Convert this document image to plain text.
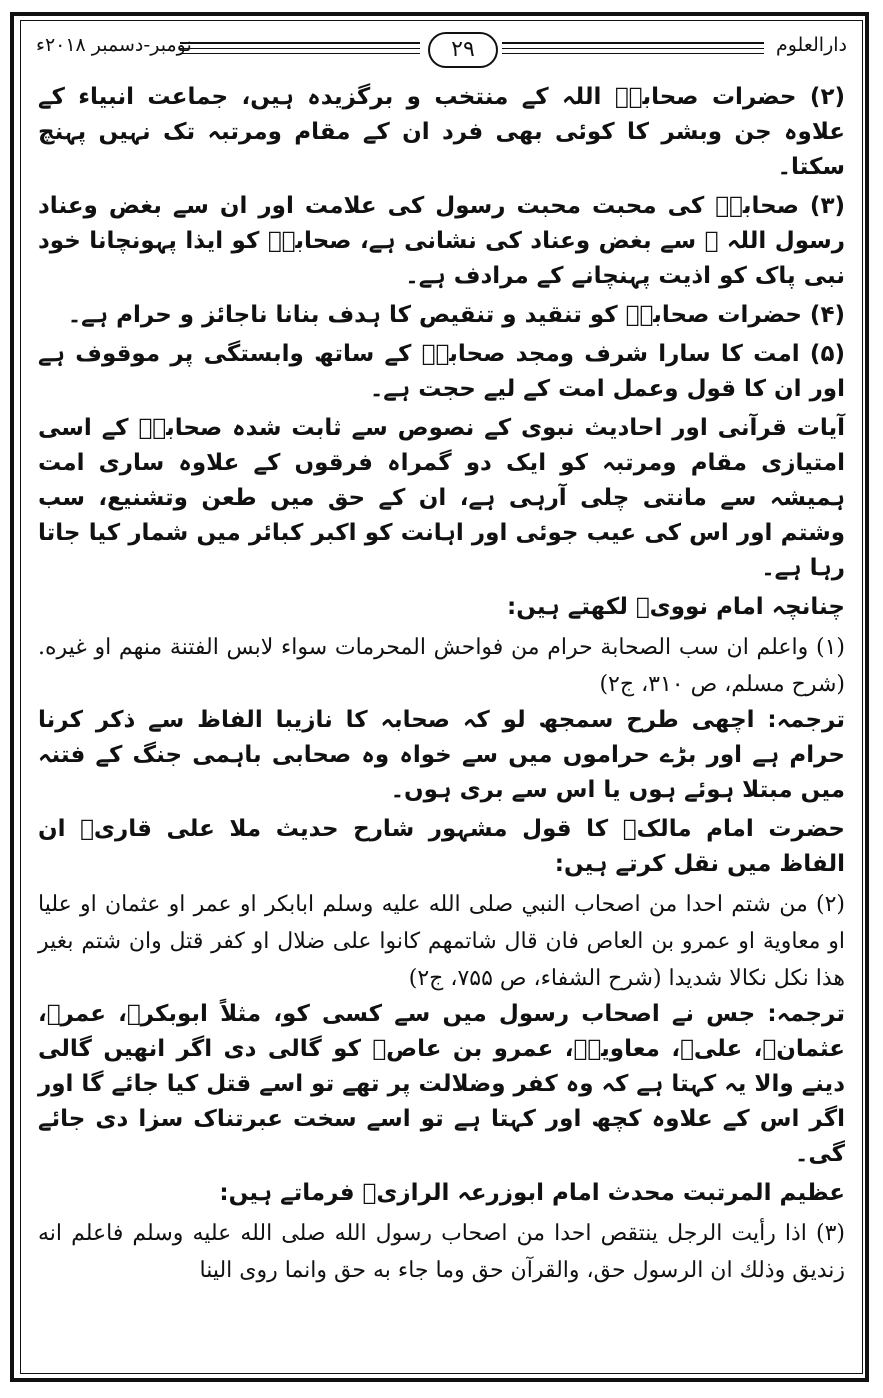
نومبر-دسمبر ۲۰۱۸ء	۲۹	دارالعلوم

(۲) حضرات صحابہؓ اللہ کے منتخب و برگزیدہ ہیں، جماعت انبیاء کے علاوہ جن وبشر کا کوئی بھی فرد ان کے مقام ومرتبہ تک نہیں پہنچ سکتا۔

(۳) صحابہؓ کی محبت محبت رسول کی علامت اور ان سے بغض وعناد رسول اللہ ﷺ سے بغض وعناد کی نشانی ہے، صحابہؓ کو ایذا پہونچانا خود نبی پاک کو اذیت پہنچانے کے مرادف ہے۔

(۴) حضرات صحابہؓ کو تنقید و تنقیص کا ہدف بنانا ناجائز و حرام ہے۔

(۵) امت کا سارا شرف ومجد صحابہؓ کے ساتھ وابستگی پر موقوف ہے اور ان کا قول وعمل امت کے لیے حجت ہے۔

آیات قرآنی اور احادیث نبوی کے نصوص سے ثابت شدہ صحابہؓ کے اسی امتیازی مقام ومرتبہ کو ایک دو گمراہ فرقوں کے علاوہ ساری امت ہمیشہ سے مانتی چلی آرہی ہے، ان کے حق میں طعن وتشنیع، سب وشتم اور اس کی عیب جوئی اور اہانت کو اکبر کبائر میں شمار کیا جاتا رہا ہے۔

چنانچہ امام نوویؒ لکھتے ہیں:

(۱) واعلم ان سب الصحابة حرام من فواحش المحرمات سواء لابس الفتنة منهم او غيره. (شرح مسلم، ص ۳۱۰، ج۲)

ترجمہ: اچھی طرح سمجھ لو کہ صحابہ کا نازیبا الفاظ سے ذکر کرنا حرام ہے اور بڑے حراموں میں سے خواہ وہ صحابی باہمی جنگ کے فتنہ میں مبتلا ہوئے ہوں یا اس سے بری ہوں۔

حضرت امام مالکؒ کا قول مشہور شارح حدیث ملا علی قاریؒ ان الفاظ میں نقل کرتے ہیں:

(۲) من شتم احدا من اصحاب النبي صلى الله عليه وسلم ابابكر او عمر او عثمان او عليا او معاوية او عمرو بن العاص فان قال شاتمهم كانوا على ضلال او كفر قتل وان شتم بغير هذا نكل نكالا شديدا (شرح الشفاء، ص ۷۵۵، ج۲)

ترجمہ: جس نے اصحاب رسول میں سے کسی کو، مثلاً ابوبکرؓ، عمرؓ، عثمانؓ، علیؓ، معاویہؓ، عمرو بن عاصؓ کو گالی دی اگر انھیں گالی دینے والا یہ کہتا ہے کہ وہ کفر وضلالت پر تھے تو اسے قتل کیا جائے گا اور اگر اس کے علاوہ کچھ اور کہتا ہے تو اسے سخت عبرتناک سزا دی جائے گی۔

عظیم المرتبت محدث امام ابوزرعہ الرازیؒ فرماتے ہیں:

(۳) اذا رأيت الرجل ينتقص احدا من اصحاب رسول الله صلى الله عليه وسلم فاعلم انه زنديق وذلك ان الرسول حق، والقرآن حق وما جاء به حق وانما روى الينا
